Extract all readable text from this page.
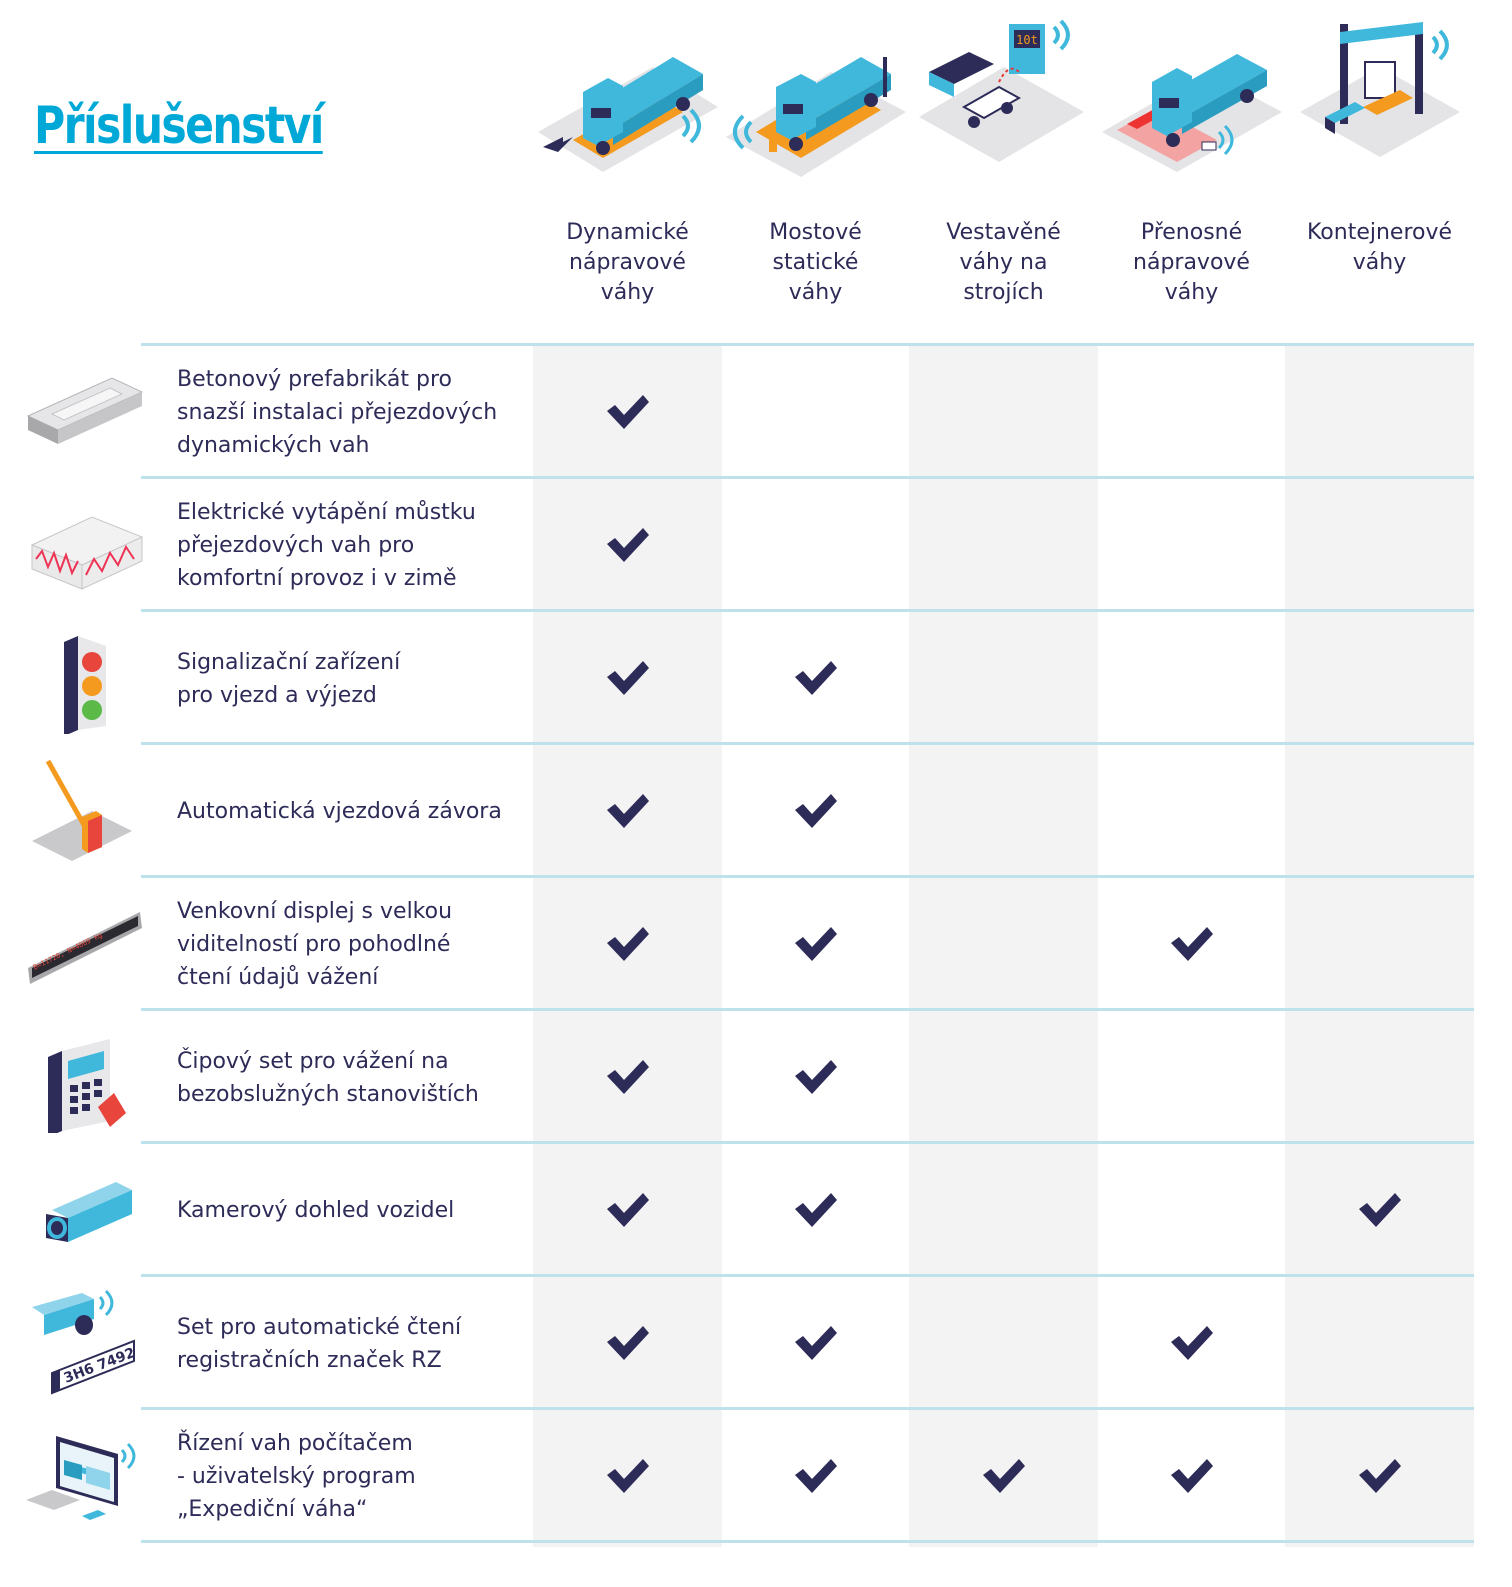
Příslušenství
10t
Dynamické
nápravové
váhy
Mostové
statické
váhy
Vestavěné
váhy na
strojích
Přenosné
nápravové
váhy
Kontejnerové
váhy
Betonový prefabrikát pro
snazší instalaci přejezdových
dynamických vah
Elektrické vytápění můstku
přejezdových vah pro
komfortní provoz i v zimě
Signalizační zařízení
pro vjezd a výjezd
Automatická vjezdová závora
B=11720, N=4069 kg
Venkovní displej s velkou
viditelností pro pohodlné
čtení údajů vážení
Čipový set pro vážení na
bezobslužných stanovištích
Kamerový dohled vozidel
3H6 7492
Set pro automatické čtení
registračních značek RZ
Řízení vah počítačem
- uživatelský program
„Expediční váha“
